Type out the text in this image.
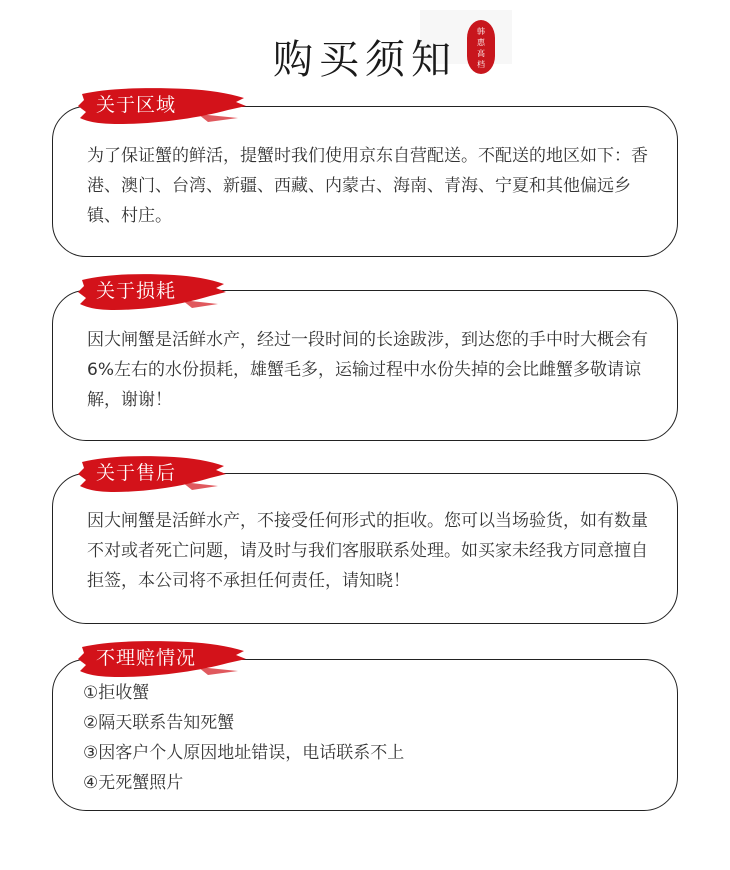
购买须知
韩
惠
高
档
为了保证蟹的鲜活，提蟹时我们使用京东自营配送。不配送的地区如下：香港、澳门、台湾、新疆、西藏、内蒙古、海南、青海、宁夏和其他偏远乡镇、村庄。
关于区域
因大闸蟹是活鲜水产，经过一段时间的长途跋涉，到达您的手中时大概会有6%左右的水份损耗，雄蟹毛多，运输过程中水份失掉的会比雌蟹多敬请谅解，谢谢！
关于损耗
因大闸蟹是活鲜水产，不接受任何形式的拒收。您可以当场验货，如有数量不对或者死亡问题，请及时与我们客服联系处理。如买家未经我方同意擅自拒签，本公司将不承担任何责任，请知晓！
关于售后
①拒收蟹
②隔天联系告知死蟹
③因客户个人原因地址错误，电话联系不上
④无死蟹照片
不理赔情况
